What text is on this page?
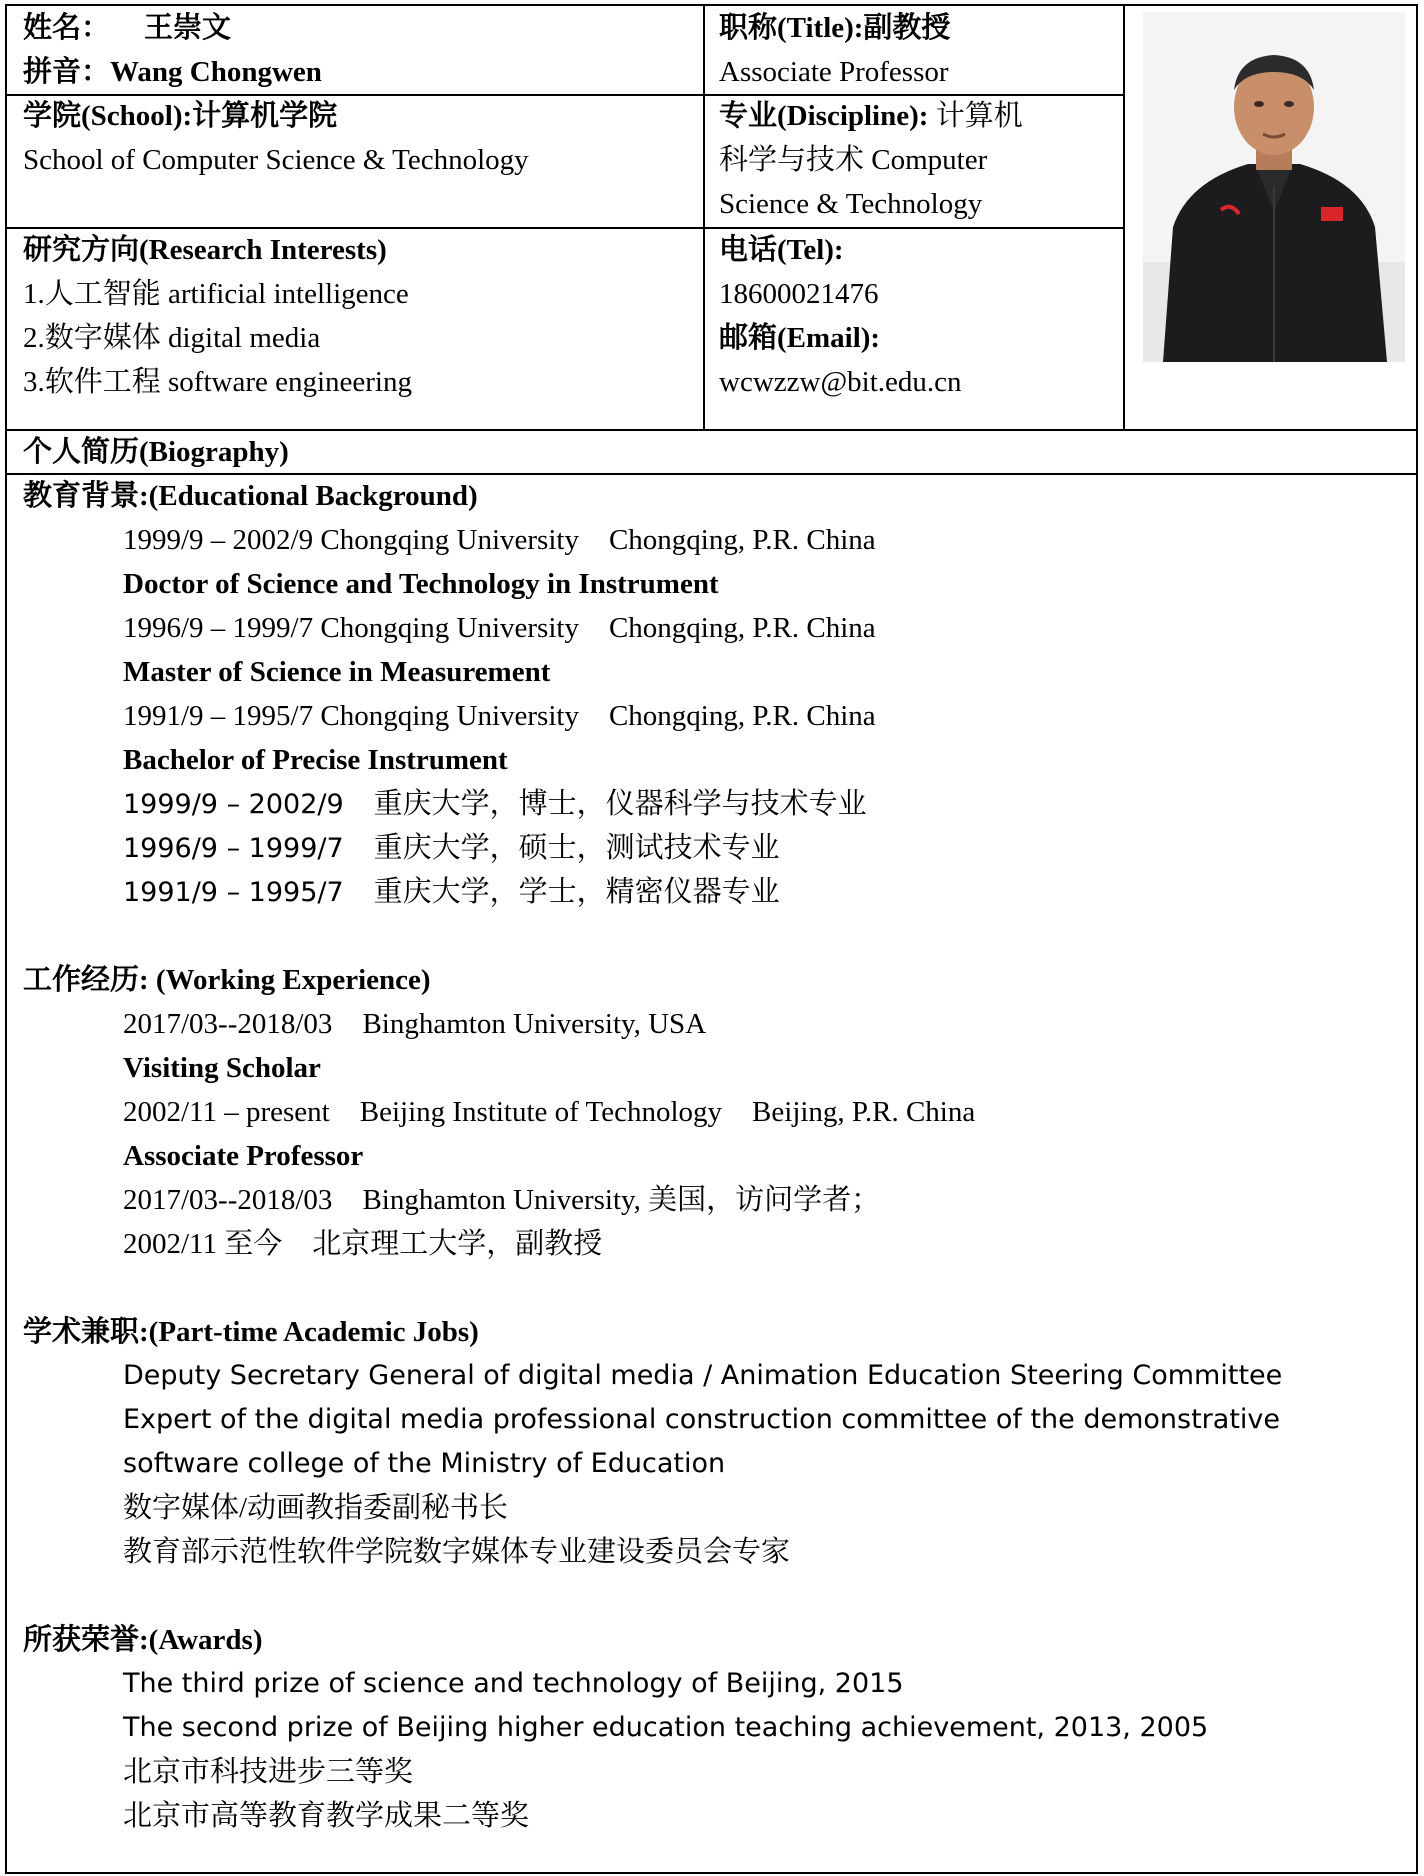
姓名： 王崇文
拼音：Wang Chongwen
职称(Title):副教授
Associate Professor
学院(School):计算机学院
School of Computer Science & Technology
专业(Discipline): 计算机
科学与技术 Computer
Science & Technology
研究方向(Research Interests)
1.人工智能 artificial intelligence
2.数字媒体 digital media
3.软件工程 software engineering
电话(Tel):
18600021476
邮箱(Email):
wcwzzw@bit.edu.cn
个人简历(Biography)
教育背景:(Educational Background)
1999/9 – 2002/9 Chongqing University Chongqing, P.R. China
Doctor of Science and Technology in Instrument
1996/9 – 1999/7 Chongqing University Chongqing, P.R. China
Master of Science in Measurement
1991/9 – 1995/7 Chongqing University Chongqing, P.R. China
Bachelor of Precise Instrument
1999/9 – 2002/9 重庆大学，博士，仪器科学与技术专业
1996/9 – 1999/7 重庆大学，硕士，测试技术专业
1991/9 – 1995/7 重庆大学，学士，精密仪器专业
工作经历: (Working Experience)
2017/03--2018/03 Binghamton University, USA
Visiting Scholar
2002/11 – present Beijing Institute of Technology Beijing, P.R. China
Associate Professor
2017/03--2018/03 Binghamton University, 美国，访问学者；
2002/11 至今 北京理工大学，副教授
学术兼职:(Part-time Academic Jobs)
Deputy Secretary General of digital media / Animation Education Steering Committee
Expert of the digital media professional construction committee of the demonstrative
software college of the Ministry of Education
数字媒体/动画教指委副秘书长
教育部示范性软件学院数字媒体专业建设委员会专家
所获荣誉:(Awards)
The third prize of science and technology of Beijing, 2015
The second prize of Beijing higher education teaching achievement, 2013, 2005
北京市科技进步三等奖
北京市高等教育教学成果二等奖
